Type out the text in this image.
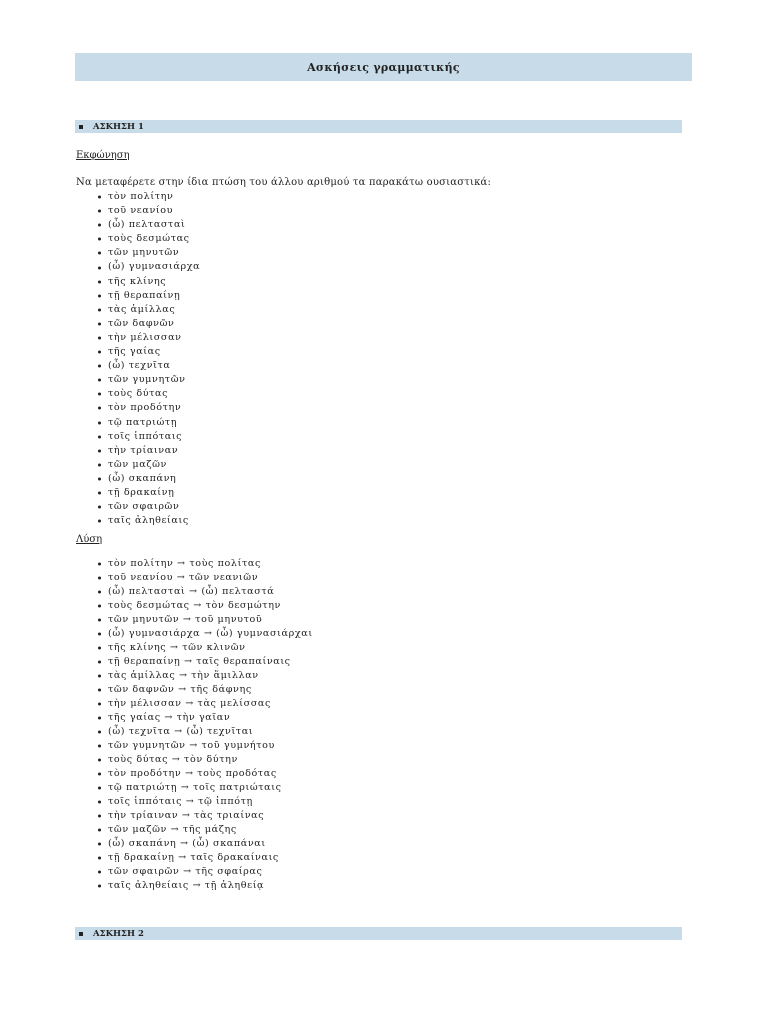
Ασκήσεις γραμματικής
ΑΣΚΗΣΗ 1
Εκφώνηση
Να μεταφέρετε στην ίδια πτώση του άλλου αριθμού τα παρακάτω ουσιαστικά:
τὸν πολίτην
τοῦ νεανίου
(ὦ) πελτασταὶ
τοὺς δεσμώτας
τῶν μηνυτῶν
(ὦ) γυμνασιάρχα
τῆς κλίνης
τῇ θεραπαίνῃ
τὰς ἁμίλλας
τῶν δαφνῶν
τὴν μέλισσαν
τῆς γαίας
(ὦ) τεχνῖτα
τῶν γυμνητῶν
τοὺς δύτας
τὸν προδότην
τῷ πατριώτῃ
τοῖς ἱππόταις
τὴν τρίαιναν
τῶν μαζῶν
(ὦ) σκαπάνη
τῇ δρακαίνῃ
τῶν σφαιρῶν
ταῖς ἀληθείαις
Λύση
τὸν πολίτην → τοὺς πολίτας
τοῦ νεανίου → τῶν νεανιῶν
(ὦ) πελτασταὶ → (ὦ) πελταστά
τοὺς δεσμώτας → τὸν δεσμώτην
τῶν μηνυτῶν → τοῦ μηνυτοῦ
(ὦ) γυμνασιάρχα → (ὦ) γυμνασιάρχαι
τῆς κλίνης → τῶν κλινῶν
τῇ θεραπαίνῃ → ταῖς θεραπαίναις
τὰς ἁμίλλας → τὴν ἅμιλλαν
τῶν δαφνῶν → τῆς δάφνης
τὴν μέλισσαν → τὰς μελίσσας
τῆς γαίας → τὴν γαῖαν
(ὦ) τεχνῖτα → (ὦ) τεχνῖται
τῶν γυμνητῶν → τοῦ γυμνήτου
τοὺς δύτας → τὸν δύτην
τὸν προδότην → τοὺς προδότας
τῷ πατριώτῃ → τοῖς πατριώταις
τοῖς ἱππόταις → τῷ ἱππότῃ
τὴν τρίαιναν → τὰς τριαίνας
τῶν μαζῶν → τῆς μάζης
(ὦ) σκαπάνη → (ὦ) σκαπάναι
τῇ δρακαίνῃ → ταῖς δρακαίναις
τῶν σφαιρῶν → τῆς σφαίρας
ταῖς ἀληθείαις → τῇ ἀληθείᾳ
ΑΣΚΗΣΗ 2
